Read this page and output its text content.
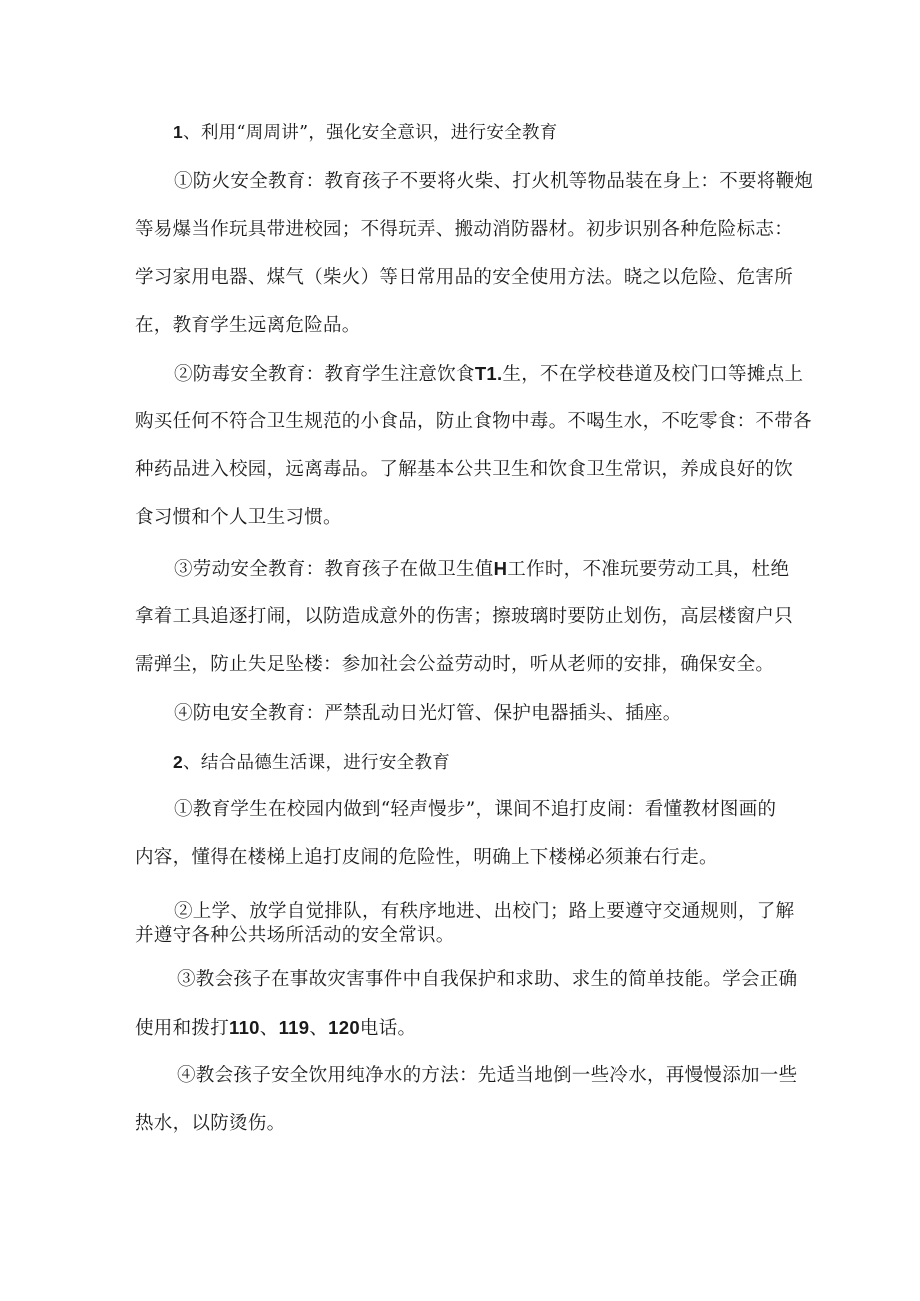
1、利用“周周讲”，强化安全意识，进行安全教育
①防火安全教育：教育孩子不要将火柴、打火机等物品装在身上：不要将鞭炮
等易爆当作玩具带进校园；不得玩弄、搬动消防器材。初步识别各种危险标志：
学习家用电器、煤气（柴火）等日常用品的安全使用方法。晓之以危险、危害所
在，教育学生远离危险品。
②防毒安全教育：教育学生注意饮食T1.生，不在学校巷道及校门口等摊点上
购买任何不符合卫生规范的小食品，防止食物中毒。不喝生水，不吃零食：不带各
种药品进入校园，远离毒品。了解基本公共卫生和饮食卫生常识，养成良好的饮
食习惯和个人卫生习惯。
③劳动安全教育：教育孩子在做卫生值H工作时，不准玩要劳动工具，杜绝
拿着工具追逐打闹，以防造成意外的伤害；擦玻璃时要防止划伤，高层楼窗户只
需弹尘，防止失足坠楼：参加社会公益劳动时，听从老师的安排，确保安全。
④防电安全教育：严禁乱动日光灯管、保护电器插头、插座。
2、结合品德生活课，进行安全教育
①教育学生在校园内做到“轻声慢步”，课间不追打皮闹：看懂教材图画的
内容，懂得在楼梯上追打皮闹的危险性，明确上下楼梯必须兼右行走。
②上学、放学自觉排队，有秩序地进、出校门；路上要遵守交通规则，了解
并遵守各种公共场所活动的安全常识。
③教会孩子在事故灾害事件中自我保护和求助、求生的简单技能。学会正确
使用和拨打110、119、120电话。
④教会孩子安全饮用纯净水的方法：先适当地倒一些冷水，再慢慢添加一些
热水，以防烫伤。
